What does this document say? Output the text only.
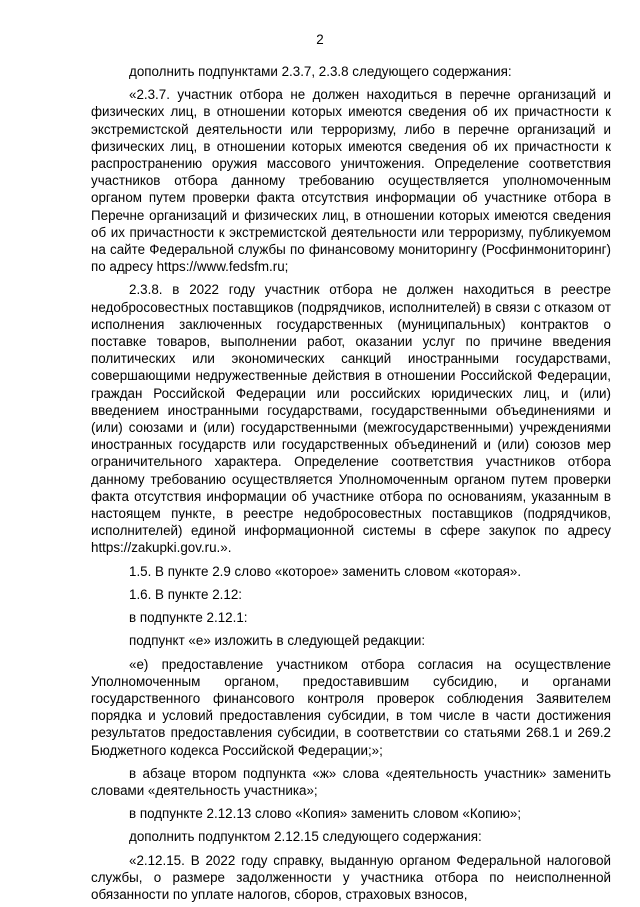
2

дополнить подпунктами 2.3.7, 2.3.8 следующего содержания:

«2.3.7. участник отбора не должен находиться в перечне организаций и физических лиц, в отношении которых имеются сведения об их причастности к экстремистской деятельности или терроризму, либо в перечне организаций и физических лиц, в отношении которых имеются сведения об их причастности к распространению оружия массового уничтожения. Определение соответствия участников отбора данному требованию осуществляется уполномоченным органом путем проверки факта отсутствия информации об участнике отбора в Перечне организаций и физических лиц, в отношении которых имеются сведения об их причастности к экстремистской деятельности или терроризму, публикуемом на сайте Федеральной службы по финансовому мониторингу (Росфинмониторинг) по адресу https://www.fedsfm.ru;

2.3.8. в 2022 году участник отбора не должен находиться в реестре недобросовестных поставщиков (подрядчиков, исполнителей) в связи с отказом от исполнения заключенных государственных (муниципальных) контрактов о поставке товаров, выполнении работ, оказании услуг по причине введения политических или экономических санкций иностранными государствами, совершающими недружественные действия в отношении Российской Федерации, граждан Российской Федерации или российских юридических лиц, и (или) введением иностранными государствами, государственными объединениями и (или) союзами и (или) государственными (межгосударственными) учреждениями иностранных государств или государственных объединений и (или) союзов мер ограничительного характера. Определение соответствия участников отбора данному требованию осуществляется Уполномоченным органом путем проверки факта отсутствия информации об участнике отбора по основаниям, указанным в настоящем пункте, в реестре недобросовестных поставщиков (подрядчиков, исполнителей) единой информационной системы в сфере закупок по адресу https://zakupki.gov.ru.».

1.5. В пункте 2.9 слово «которое» заменить словом «которая».

1.6. В пункте 2.12:

в подпункте 2.12.1:

подпункт «е» изложить в следующей редакции:

«е) предоставление участником отбора согласия на осуществление Уполномоченным органом, предоставившим субсидию, и органами государственного финансового контроля проверок соблюдения Заявителем порядка и условий предоставления субсидии, в том числе в части достижения результатов предоставления субсидии, в соответствии со статьями 268.1 и 269.2 Бюджетного кодекса Российской Федерации;»;

в абзаце втором подпункта «ж» слова «деятельность участник» заменить словами «деятельность участника»;

в подпункте 2.12.13 слово «Копия» заменить словом «Копию»;

дополнить подпунктом 2.12.15 следующего содержания:

«2.12.15. В 2022 году справку, выданную органом Федеральной налоговой службы, о размере задолженности у участника отбора по неисполненной обязанности по уплате налогов, сборов, страховых взносов,
